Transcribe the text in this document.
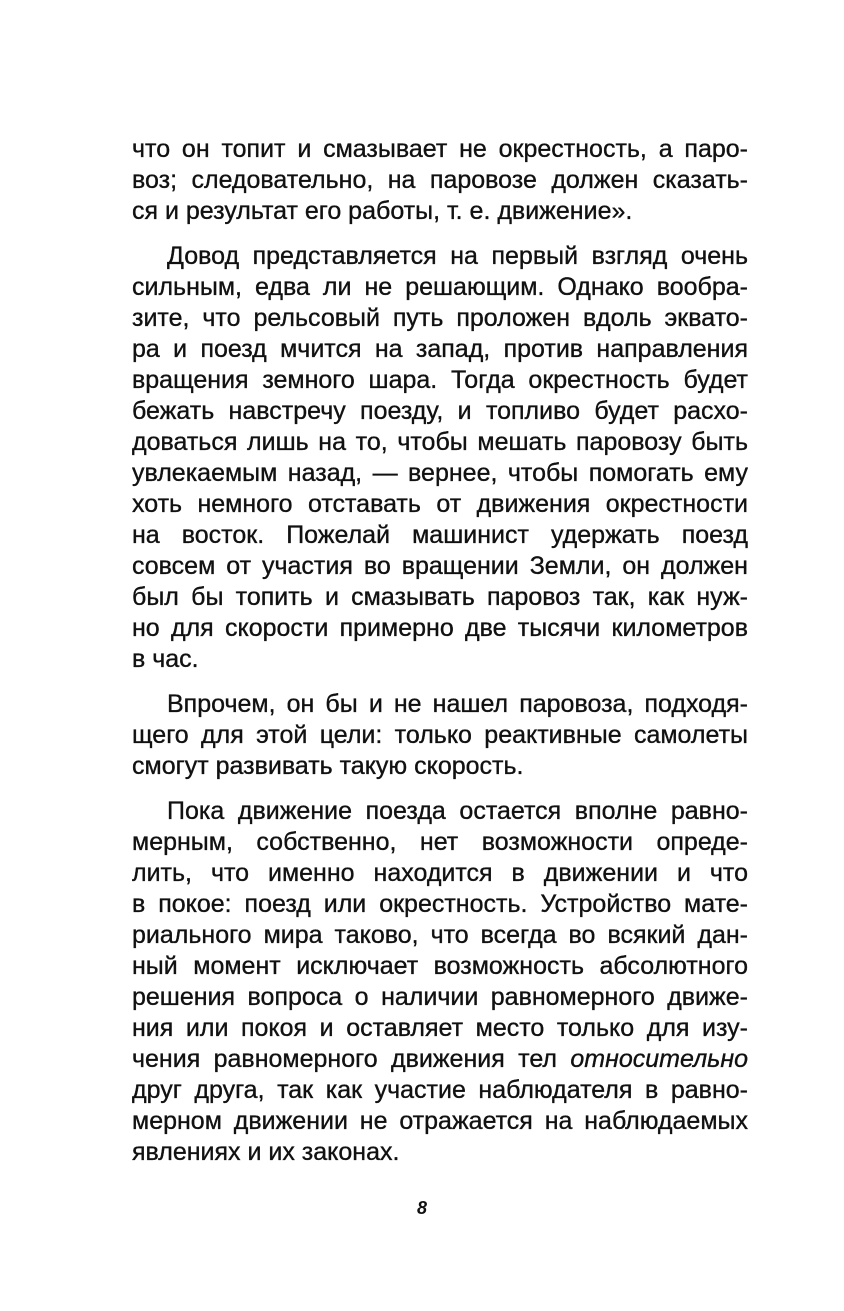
что он топит и смазывает не окрестность, а паро-
воз; следовательно, на паровозе должен сказать-
ся и результат его работы, т. е. движение».
Довод представляется на первый взгляд очень
сильным, едва ли не решающим. Однако вообра-
зите, что рельсовый путь проложен вдоль эквато-
ра и поезд мчится на запад, против направления
вращения земного шара. Тогда окрестность будет
бежать навстречу поезду, и топливо будет расхо-
доваться лишь на то, чтобы мешать паровозу быть
увлекаемым назад, — вернее, чтобы помогать ему
хоть немного отставать от движения окрестности
на восток. Пожелай машинист удержать поезд
совсем от участия во вращении Земли, он должен
был бы топить и смазывать паровоз так, как нуж-
но для скорости примерно две тысячи километров
в час.
Впрочем, он бы и не нашел паровоза, подходя-
щего для этой цели: только реактивные самолеты
смогут развивать такую скорость.
Пока движение поезда остается вполне равно-
мерным, собственно, нет возможности опреде-
лить, что именно находится в движении и что
в покое: поезд или окрестность. Устройство мате-
риального мира таково, что всегда во всякий дан-
ный момент исключает возможность абсолютного
решения вопроса о наличии равномерного движе-
ния или покоя и оставляет место только для изу-
чения равномерного движения тел относительно
друг друга, так как участие наблюдателя в равно-
мерном движении не отражается на наблюдаемых
явлениях и их законах.
8
